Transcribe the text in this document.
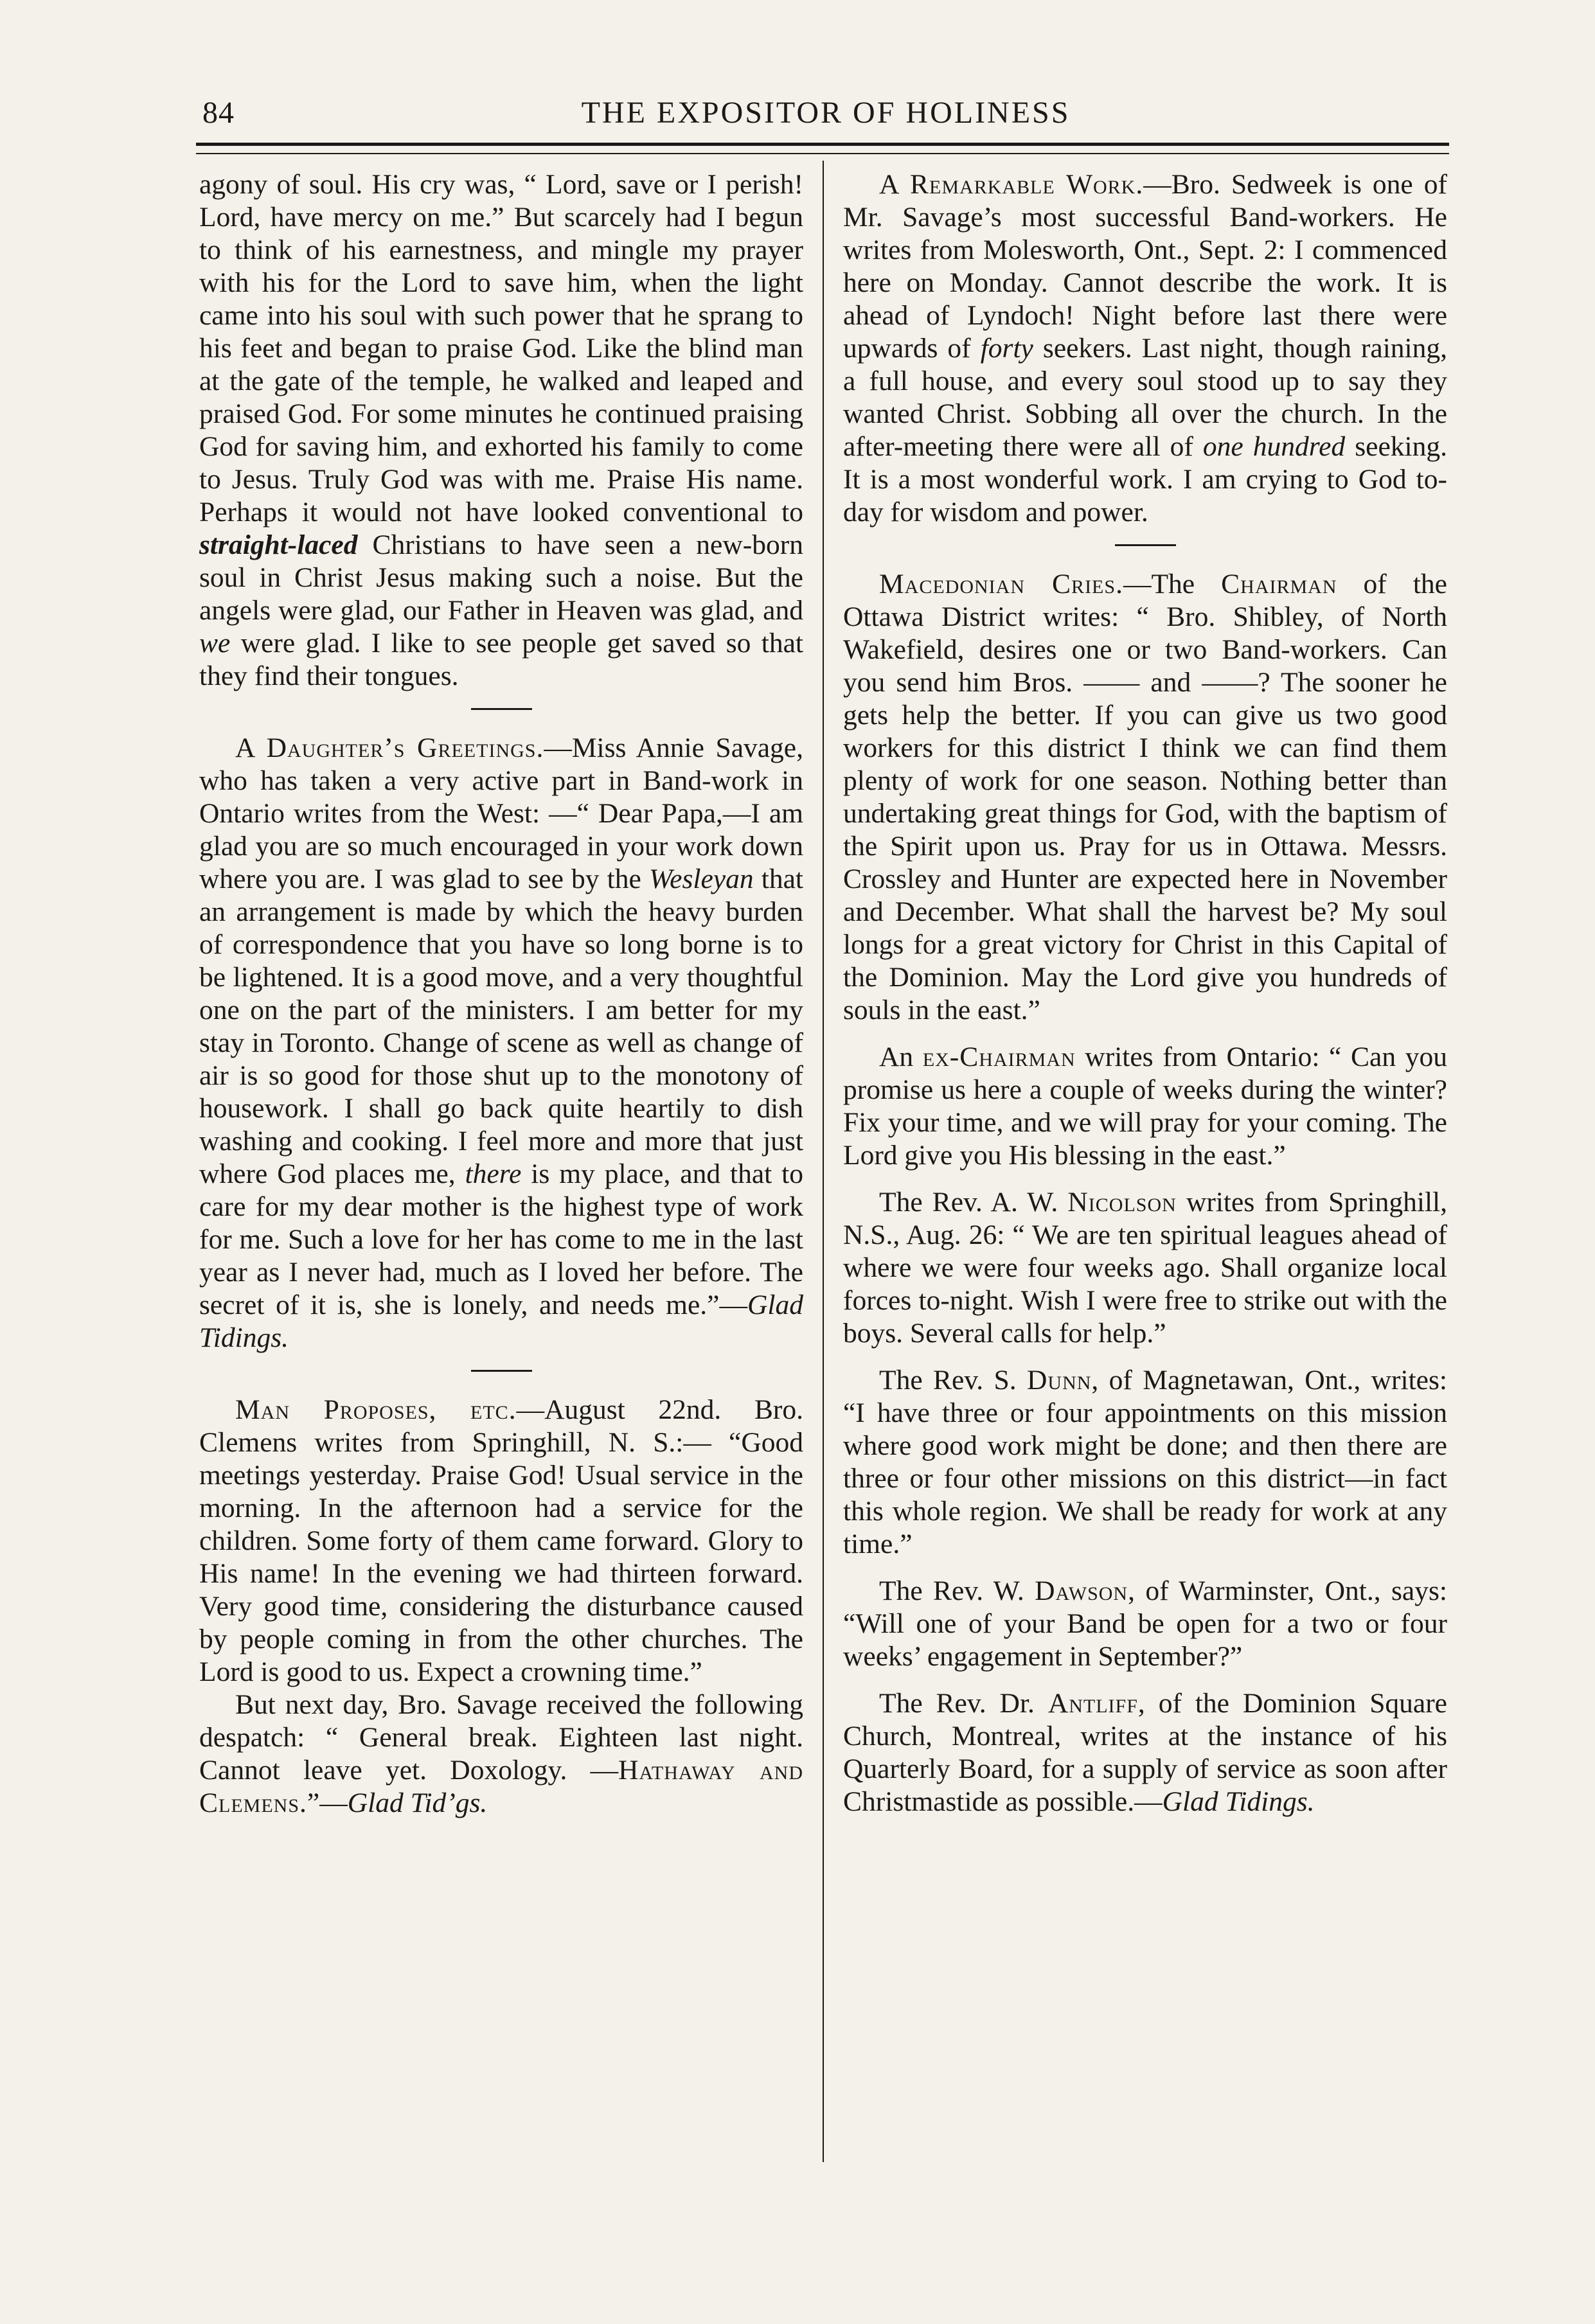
84	THE EXPOSITOR OF HOLINESS

agony of soul. His cry was, “ Lord, save or I perish! Lord, have mercy on me.” But scarcely had I begun to think of his earnestness, and mingle my prayer with his for the Lord to save him, when the light came into his soul with such power that he sprang to his feet and began to praise God. Like the blind man at the gate of the temple, he walked and leaped and praised God. For some minutes he continued praising God for saving him, and exhorted his family to come to Jesus. Truly God was with me. Praise His name. Perhaps it would not have looked conventional to straight-laced Christians to have seen a new-born soul in Christ Jesus making such a noise. But the angels were glad, our Father in Heaven was glad, and we were glad. I like to see people get saved so that they find their tongues.

A Daughter’s Greetings.—Miss Annie Savage, who has taken a very active part in Band-work in Ontario writes from the West: —“ Dear Papa,—I am glad you are so much encouraged in your work down where you are. I was glad to see by the Wesleyan that an arrangement is made by which the heavy burden of correspondence that you have so long borne is to be lightened. It is a good move, and a very thoughtful one on the part of the ministers. I am better for my stay in Toronto. Change of scene as well as change of air is so good for those shut up to the monotony of housework. I shall go back quite heartily to dish washing and cooking. I feel more and more that just where God places me, there is my place, and that to care for my dear mother is the highest type of work for me. Such a love for her has come to me in the last year as I never had, much as I loved her before. The secret of it is, she is lonely, and needs me.”—Glad Tidings.

Man Proposes, etc.—August 22nd. Bro. Clemens writes from Springhill, N. S.:— “Good meetings yesterday. Praise God! Usual service in the morning. In the afternoon had a service for the children. Some forty of them came forward. Glory to His name! In the evening we had thirteen forward. Very good time, considering the disturbance caused by people coming in from the other churches. The Lord is good to us. Expect a crowning time.”

But next day, Bro. Savage received the following despatch: “ General break. Eighteen last night. Cannot leave yet. Doxology. —Hathaway and Clemens.”—Glad Tid’gs.

A Remarkable Work.—Bro. Sedweek is one of Mr. Savage’s most successful Band-workers. He writes from Molesworth, Ont., Sept. 2: I commenced here on Monday. Cannot describe the work. It is ahead of Lyndoch! Night before last there were upwards of forty seekers. Last night, though raining, a full house, and every soul stood up to say they wanted Christ. Sobbing all over the church. In the after-meeting there were all of one hundred seeking. It is a most wonderful work. I am crying to God to-day for wisdom and power.

Macedonian Cries.—The Chairman of the Ottawa District writes: “ Bro. Shibley, of North Wakefield, desires one or two Band-workers. Can you send him Bros. —— and ——? The sooner he gets help the better. If you can give us two good workers for this district I think we can find them plenty of work for one season. Nothing better than undertaking great things for God, with the baptism of the Spirit upon us. Pray for us in Ottawa. Messrs. Crossley and Hunter are expected here in November and December. What shall the harvest be? My soul longs for a great victory for Christ in this Capital of the Dominion. May the Lord give you hundreds of souls in the east.”

An ex-Chairman writes from Ontario: “ Can you promise us here a couple of weeks during the winter? Fix your time, and we will pray for your coming. The Lord give you His blessing in the east.”

The Rev. A. W. Nicolson writes from Springhill, N.S., Aug. 26: “ We are ten spiritual leagues ahead of where we were four weeks ago. Shall organize local forces to-night. Wish I were free to strike out with the boys. Several calls for help.”

The Rev. S. Dunn, of Magnetawan, Ont., writes: “I have three or four appointments on this mission where good work might be done; and then there are three or four other missions on this district—in fact this whole region. We shall be ready for work at any time.”

The Rev. W. Dawson, of Warminster, Ont., says: “Will one of your Band be open for a two or four weeks’ engagement in September?”

The Rev. Dr. Antliff, of the Dominion Square Church, Montreal, writes at the instance of his Quarterly Board, for a supply of service as soon after Christmastide as possible.—Glad Tidings.
